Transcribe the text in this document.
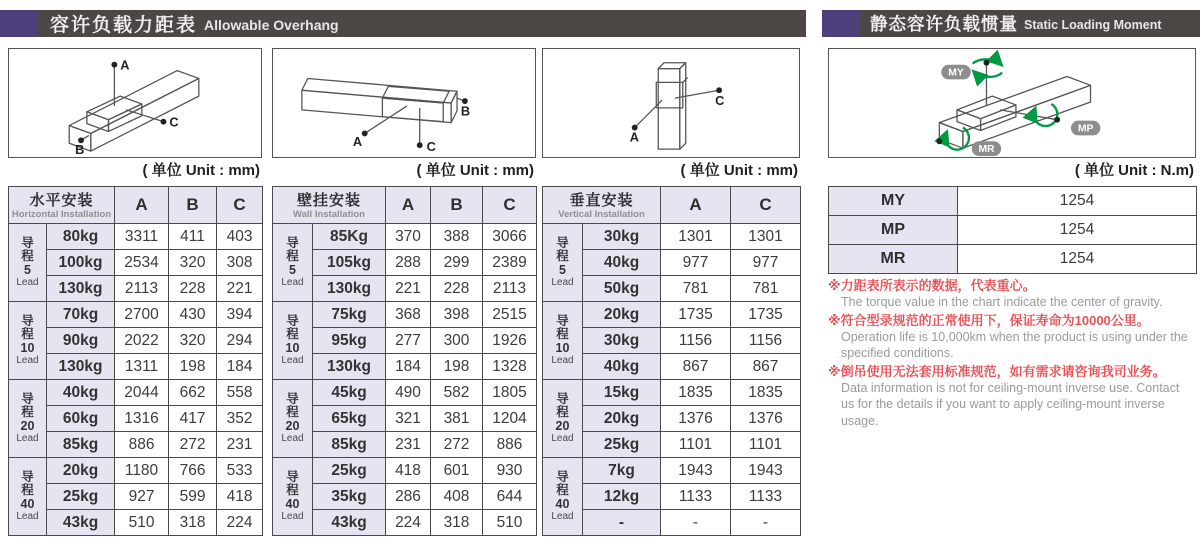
容许负载力距表 Allowable Overhang	静态容许负载惯量 Static Loading Moment
A
C
B
( 单位 Unit : mm)
水平安装
Horizontal Installation		A	B	C

导
程
5
Lead	80kg	3311	411	403
	100kg	2534	320	308
	130kg	2113	228	221

导
程
10
Lead	70kg	2700	430	394
	90kg	2022	320	294
	130kg	1311	198	184

导
程
20
Lead	40kg	2044	662	558
	60kg	1316	417	352
	85kg	886	272	231

导
程
40
Lead	20kg	1180	766	533
	25kg	927	599	418
	43kg	510	318	224
B
A	C
( 单位 Unit : mm)
壁挂安装
Wall Installation		A	B	C

导
程
5
Lead	85Kg	370	388	3066
	105kg	288	299	2389
	130kg	221	228	2113

导
程
10
Lead	75kg	368	398	2515
	95kg	277	300	1926
	130kg	184	198	1328

导
程
20
Lead	45kg	490	582	1805
	65kg	321	381	1204
	85kg	231	272	886

导
程
40
Lead	25kg	418	601	930
	35kg	286	408	644
	43kg	224	318	510
A
C
( 单位 Unit : mm)
垂直安装
Vertical Installation		A	C

导
程
5
Lead	30kg	1301	1301
	40kg	977	977
	50kg	781	781

导
程
10
Lead	20kg	1735	1735
	30kg	1156	1156
	40kg	867	867

导
程
20
Lead	15kg	1835	1835
	20kg	1376	1376
	25kg	1101	1101

导
程
40
Lead	7kg	1943	1943
	12kg	1133	1133
	-	-	-
MY
MP
MR
( 单位 Unit : N.m)
MY	1254
MP	1254
MR	1254
※力距表所表示的数据，代表重心。
The torque value in the chart indicate the center of gravity.
※符合型录规范的正常使用下，保证寿命为10000公里。
Operation life is 10,000km when the product is using under the specified conditions.
※倒吊使用无法套用标准规范，如有需求请咨询我司业务。
Data information is not for ceiling-mount inverse use. Contact us for the details if you want to apply ceiling-mount inverse usage.
